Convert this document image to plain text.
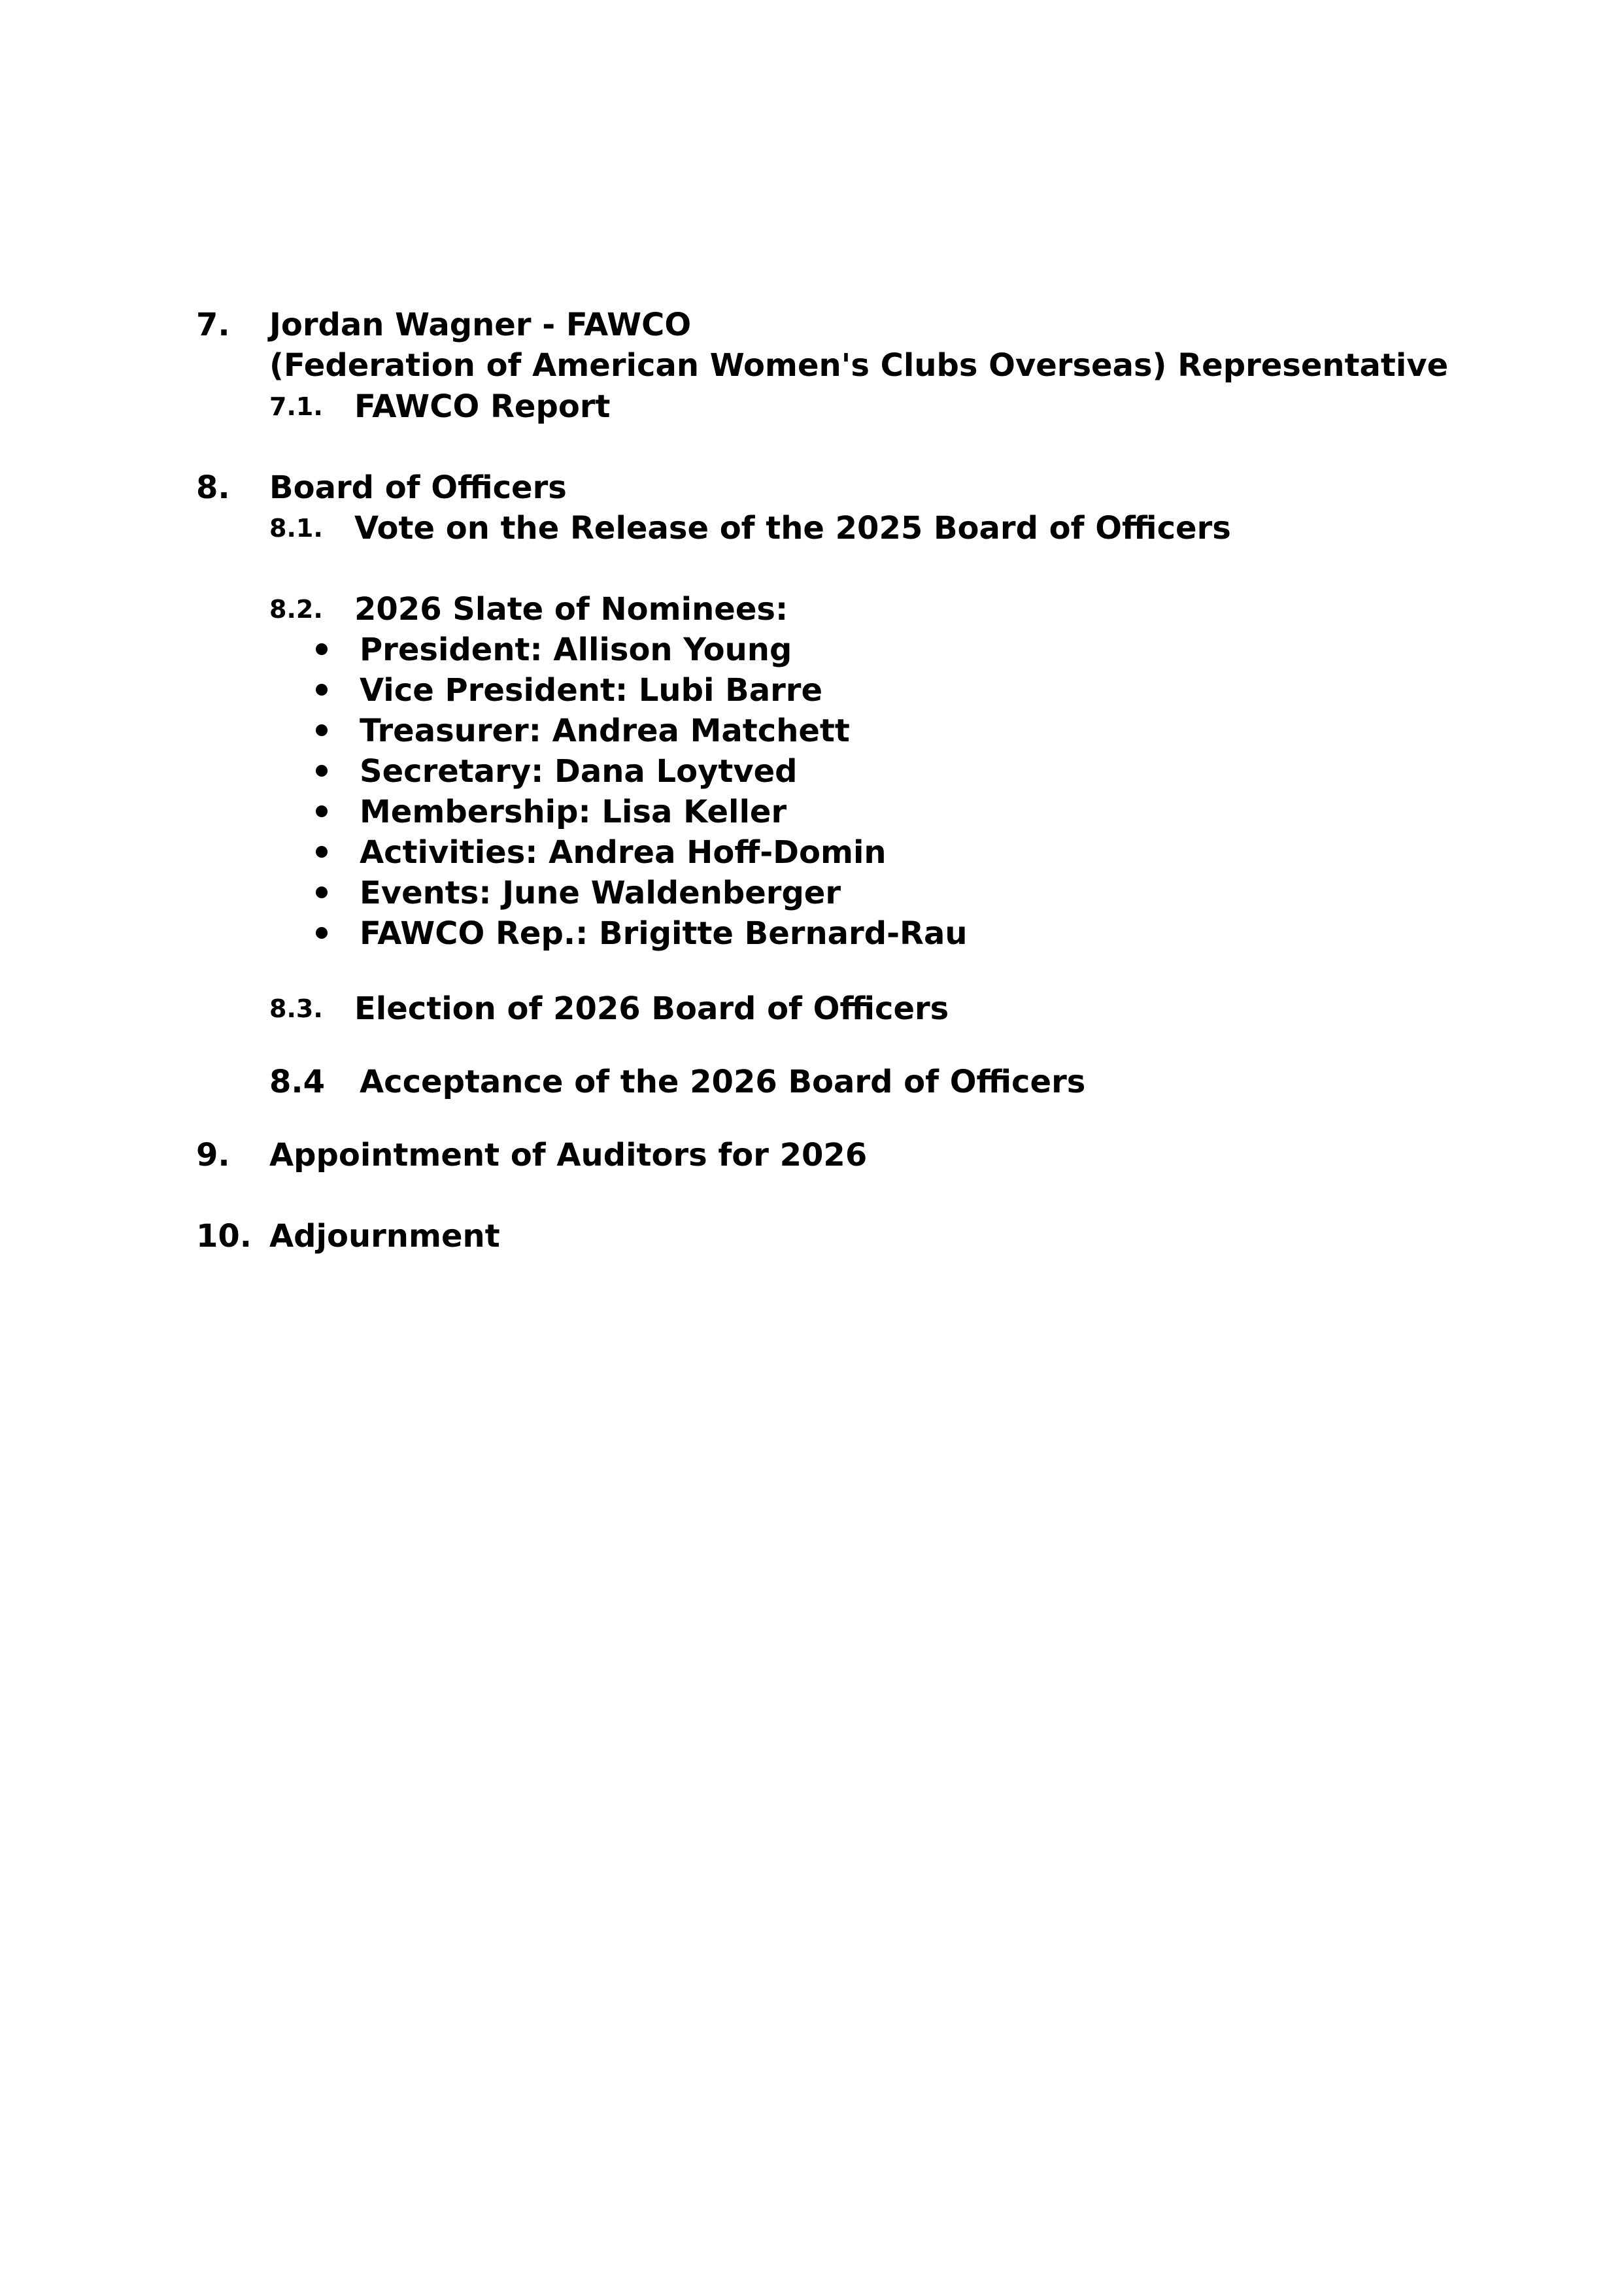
7. Jordan Wagner - FAWCO
(Federation of American Women's Clubs Overseas) Representative
7.1. FAWCO Report
8. Board of Officers
8.1. Vote on the Release of the 2025 Board of Officers
8.2. 2026 Slate of Nominees:
President: Allison Young
Vice President: Lubi Barre
Treasurer: Andrea Matchett
Secretary: Dana Loytved
Membership: Lisa Keller
Activities: Andrea Hoff-Domin
Events: June Waldenberger
FAWCO Rep.: Brigitte Bernard-Rau
8.3. Election of 2026 Board of Officers
8.4 Acceptance of the 2026 Board of Officers
9. Appointment of Auditors for 2026
10. Adjournment
